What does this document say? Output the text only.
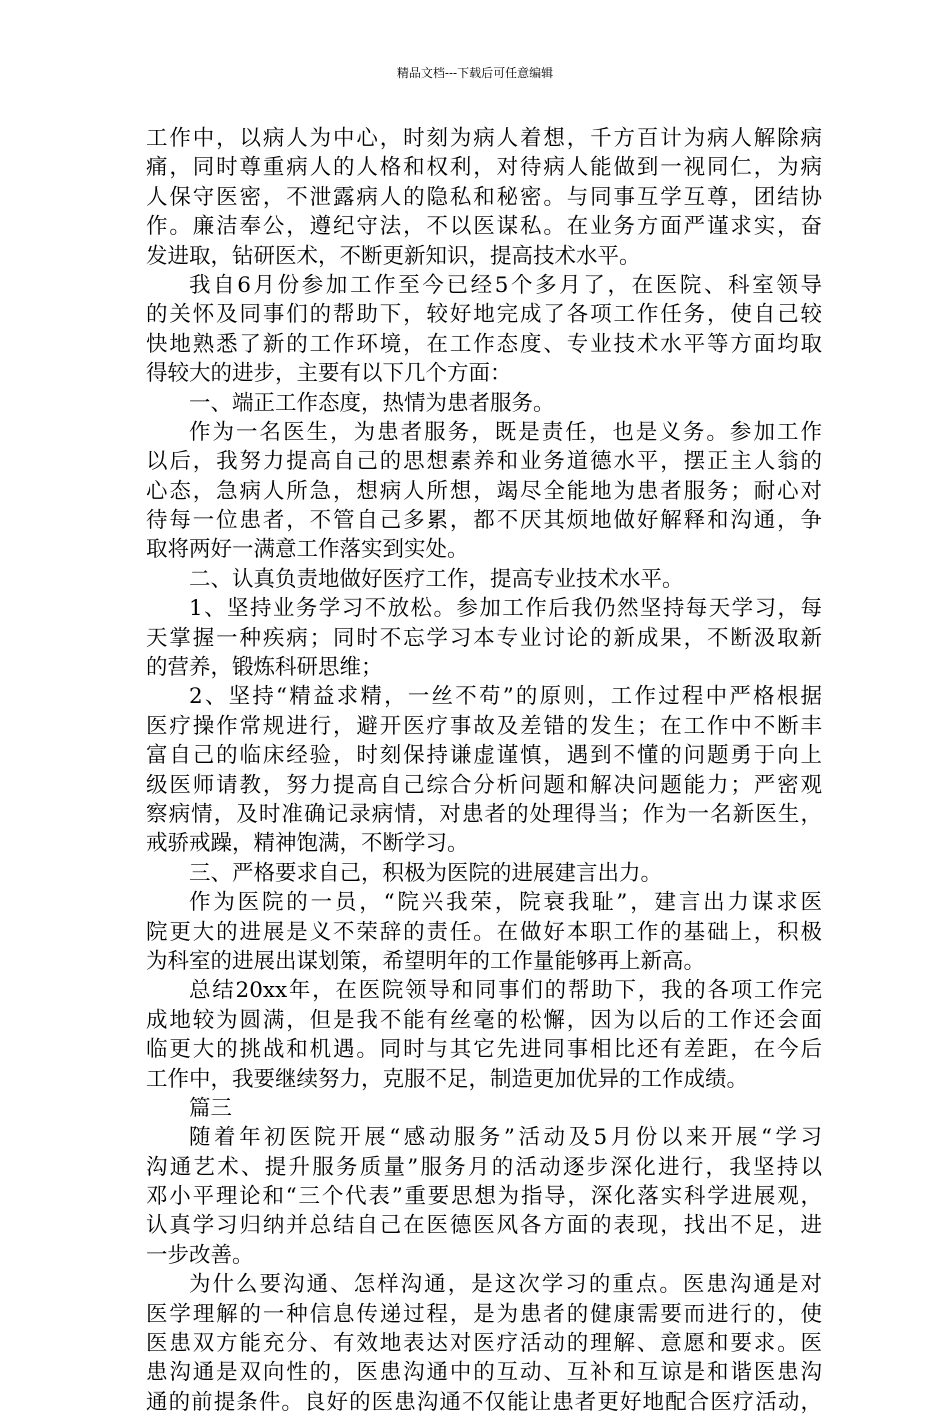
精品文档---下载后可任意编辑
工作中，以病人为中心，时刻为病人着想，千方百计为病人解除病
痛，同时尊重病人的人格和权利，对待病人能做到一视同仁，为病
人保守医密，不泄露病人的隐私和秘密。与同事互学互尊，团结协
作。廉洁奉公，遵纪守法，不以医谋私。在业务方面严谨求实，奋
发进取，钻研医术，不断更新知识，提高技术水平。
我自6月份参加工作至今已经5个多月了，在医院、科室领导
的关怀及同事们的帮助下，较好地完成了各项工作任务，使自己较
快地熟悉了新的工作环境，在工作态度、专业技术水平等方面均取
得较大的进步，主要有以下几个方面：
一、端正工作态度，热情为患者服务。
作为一名医生，为患者服务，既是责任，也是义务。参加工作
以后，我努力提高自己的思想素养和业务道德水平，摆正主人翁的
心态，急病人所急，想病人所想，竭尽全能地为患者服务；耐心对
待每一位患者，不管自己多累，都不厌其烦地做好解释和沟通，争
取将两好一满意工作落实到实处。
二、认真负责地做好医疗工作，提高专业技术水平。
1、坚持业务学习不放松。参加工作后我仍然坚持每天学习，每
天掌握一种疾病；同时不忘学习本专业讨论的新成果，不断汲取新
的营养，锻炼科研思维；
2、坚持“精益求精，一丝不苟”的原则，工作过程中严格根据
医疗操作常规进行，避开医疗事故及差错的发生；在工作中不断丰
富自己的临床经验，时刻保持谦虚谨慎，遇到不懂的问题勇于向上
级医师请教，努力提高自己综合分析问题和解决问题能力；严密观
察病情，及时准确记录病情，对患者的处理得当；作为一名新医生，
戒骄戒躁，精神饱满，不断学习。
三、严格要求自己，积极为医院的进展建言出力。
作为医院的一员，“院兴我荣，院衰我耻”，建言出力谋求医
院更大的进展是义不荣辞的责任。在做好本职工作的基础上，积极
为科室的进展出谋划策，希望明年的工作量能够再上新高。
总结20xx年，在医院领导和同事们的帮助下，我的各项工作完
成地较为圆满，但是我不能有丝毫的松懈，因为以后的工作还会面
临更大的挑战和机遇。同时与其它先进同事相比还有差距，在今后
工作中，我要继续努力，克服不足，制造更加优异的工作成绩。
篇三
随着年初医院开展“感动服务”活动及5月份以来开展“学习
沟通艺术、提升服务质量”服务月的活动逐步深化进行，我坚持以
邓小平理论和“三个代表”重要思想为指导，深化落实科学进展观，
认真学习归纳并总结自己在医德医风各方面的表现，找出不足，进
一步改善。
为什么要沟通、怎样沟通，是这次学习的重点。医患沟通是对
医学理解的一种信息传递过程，是为患者的健康需要而进行的，使
医患双方能充分、有效地表达对医疗活动的理解、意愿和要求。医
患沟通是双向性的，医患沟通中的互动、互补和互谅是和谐医患沟
通的前提条件。良好的医患沟通不仅能让患者更好地配合医疗活动，
